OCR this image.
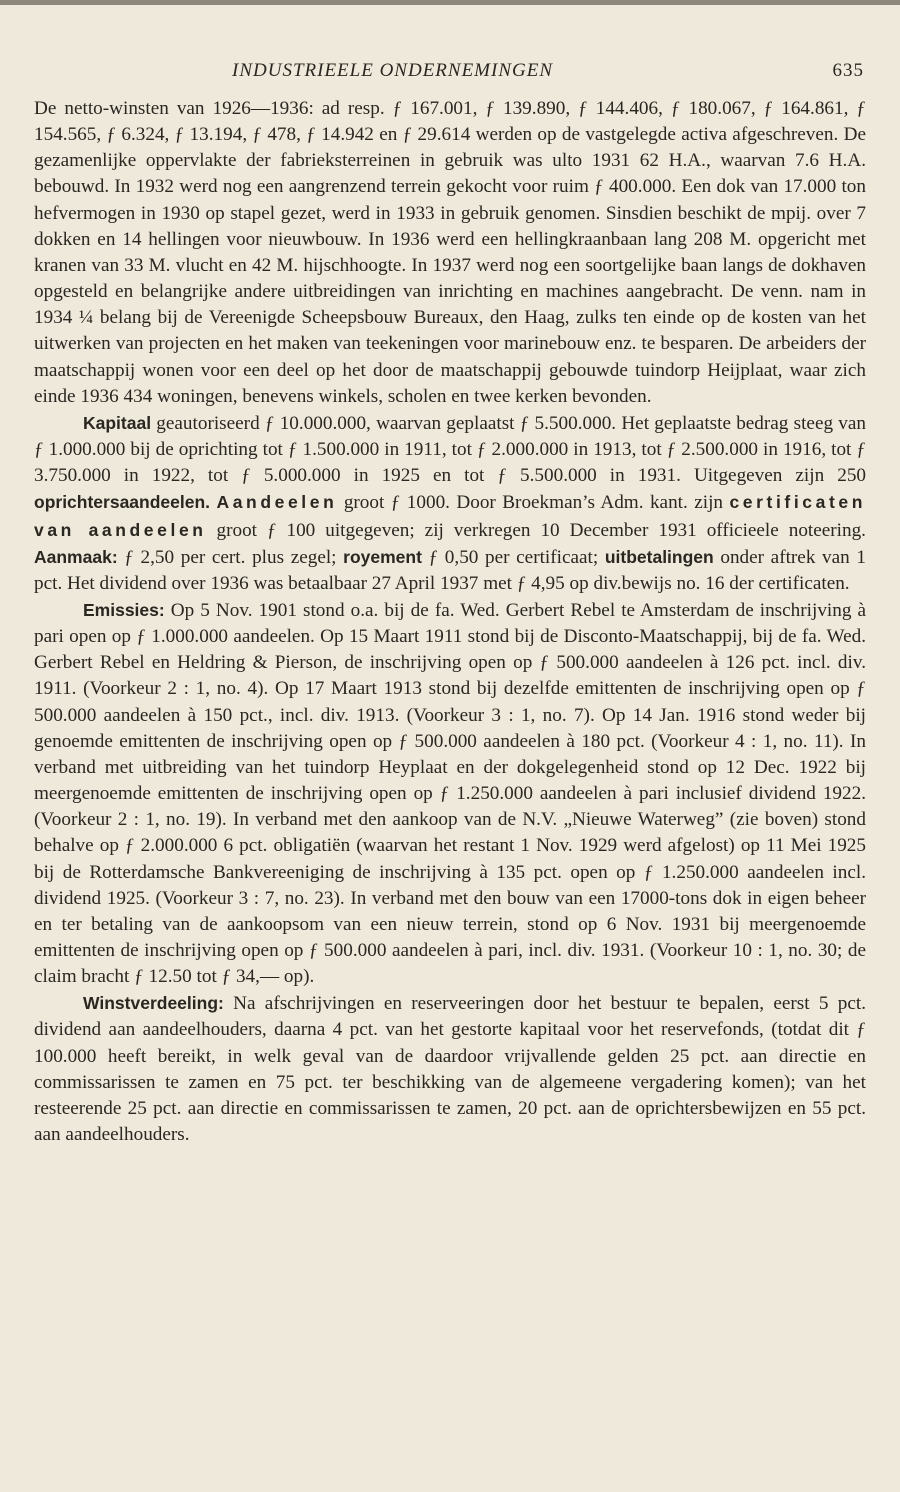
INDUSTRIEELE ONDERNEMINGEN	635

De netto-winsten van 1926—1936: ad resp. ƒ 167.001, ƒ 139.890, ƒ 144.406, ƒ 180.067, ƒ 164.861, ƒ 154.565, ƒ 6.324, ƒ 13.194, ƒ 478, ƒ 14.942 en ƒ 29.614 werden op de vastgelegde activa afgeschreven. De gezamenlijke oppervlakte der fabrieksterreinen in gebruik was ulto 1931 62 H.A., waarvan 7.6 H.A. bebouwd. In 1932 werd nog een aangrenzend terrein gekocht voor ruim ƒ 400.000. Een dok van 17.000 ton hefvermogen in 1930 op stapel gezet, werd in 1933 in gebruik genomen. Sinsdien beschikt de mpij. over 7 dokken en 14 hellingen voor nieuwbouw. In 1936 werd een hellingkraanbaan lang 208 M. opgericht met kranen van 33 M. vlucht en 42 M. hijschhoogte. In 1937 werd nog een soortgelijke baan langs de dokhaven opgesteld en belangrijke andere uitbreidingen van inrichting en machines aangebracht. De venn. nam in 1934 ¼ belang bij de Vereenigde Scheepsbouw Bureaux, den Haag, zulks ten einde op de kosten van het uitwerken van projecten en het maken van teekeningen voor marinebouw enz. te besparen. De arbeiders der maatschappij wonen voor een deel op het door de maatschappij gebouwde tuindorp Heijplaat, waar zich einde 1936 434 woningen, benevens winkels, scholen en twee kerken bevonden.

Kapitaal geautoriseerd ƒ 10.000.000, waarvan geplaatst ƒ 5.500.000. Het geplaatste bedrag steeg van ƒ 1.000.000 bij de oprichting tot ƒ 1.500.000 in 1911, tot ƒ 2.000.000 in 1913, tot ƒ 2.500.000 in 1916, tot ƒ 3.750.000 in 1922, tot ƒ 5.000.000 in 1925 en tot ƒ 5.500.000 in 1931. Uitgegeven zijn 250 oprichtersaandeelen. Aandeelen groot ƒ 1000. Door Broekman’s Adm. kant. zijn certificaten van aandeelen groot ƒ 100 uitgegeven; zij verkregen 10 December 1931 officieele noteering. Aanmaak: ƒ 2,50 per cert. plus zegel; royement ƒ 0,50 per certificaat; uitbetalingen onder aftrek van 1 pct. Het dividend over 1936 was betaalbaar 27 April 1937 met ƒ 4,95 op div.bewijs no. 16 der certificaten.

Emissies: Op 5 Nov. 1901 stond o.a. bij de fa. Wed. Gerbert Rebel te Amsterdam de inschrijving à pari open op ƒ 1.000.000 aandeelen. Op 15 Maart 1911 stond bij de Disconto-Maatschappij, bij de fa. Wed. Gerbert Rebel en Heldring & Pierson, de inschrijving open op ƒ 500.000 aandeelen à 126 pct. incl. div. 1911. (Voorkeur 2 : 1, no. 4). Op 17 Maart 1913 stond bij dezelfde emittenten de inschrijving open op ƒ 500.000 aandeelen à 150 pct., incl. div. 1913. (Voorkeur 3 : 1, no. 7). Op 14 Jan. 1916 stond weder bij genoemde emittenten de inschrijving open op ƒ 500.000 aandeelen à 180 pct. (Voorkeur 4 : 1, no. 11). In verband met uitbreiding van het tuindorp Heyplaat en der dokgelegenheid stond op 12 Dec. 1922 bij meergenoemde emittenten de inschrijving open op ƒ 1.250.000 aandeelen à pari inclusief dividend 1922. (Voorkeur 2 : 1, no. 19). In verband met den aankoop van de N.V. „Nieuwe Waterweg” (zie boven) stond behalve op ƒ 2.000.000 6 pct. obligatiën (waarvan het restant 1 Nov. 1929 werd afgelost) op 11 Mei 1925 bij de Rotterdamsche Bankvereeniging de inschrijving à 135 pct. open op ƒ 1.250.000 aandeelen incl. dividend 1925. (Voorkeur 3 : 7, no. 23). In verband met den bouw van een 17000-tons dok in eigen beheer en ter betaling van de aankoopsom van een nieuw terrein, stond op 6 Nov. 1931 bij meergenoemde emittenten de inschrijving open op ƒ 500.000 aandeelen à pari, incl. div. 1931. (Voorkeur 10 : 1, no. 30; de claim bracht ƒ 12.50 tot ƒ 34,— op).

Winstverdeeling: Na afschrijvingen en reserveeringen door het bestuur te bepalen, eerst 5 pct. dividend aan aandeelhouders, daarna 4 pct. van het gestorte kapitaal voor het reservefonds, (totdat dit ƒ 100.000 heeft bereikt, in welk geval van de daardoor vrijvallende gelden 25 pct. aan directie en commissarissen te zamen en 75 pct. ter beschikking van de algemeene vergadering komen); van het resteerende 25 pct. aan directie en commissarissen te zamen, 20 pct. aan de oprichtersbewijzen en 55 pct. aan aandeelhouders.
